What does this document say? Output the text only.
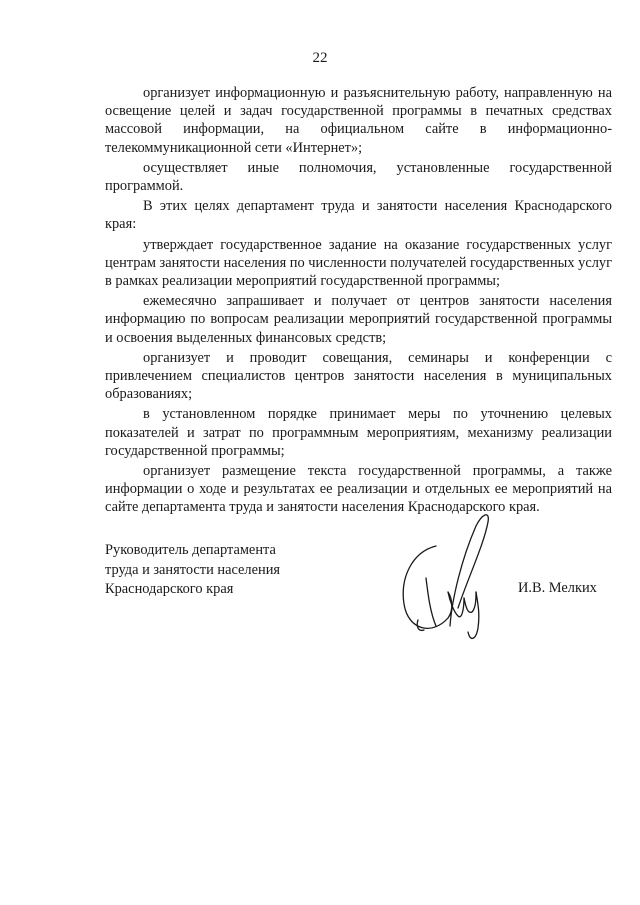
22

организует информационную и разъяснительную работу, направленную на освещение целей и задач государственной программы в печатных средствах массовой информации, на официальном сайте в информационно-телекоммуникационной сети «Интернет»;

осуществляет иные полномочия, установленные государственной программой.

В этих целях департамент труда и занятости населения Краснодарского края:

утверждает государственное задание на оказание государственных услуг центрам занятости населения по численности получателей государственных услуг в рамках реализации мероприятий государственной программы;

ежемесячно запрашивает и получает от центров занятости населения информацию по вопросам реализации мероприятий государственной программы и освоения выделенных финансовых средств;

организует и проводит совещания, семинары и конференции с привлечением специалистов центров занятости населения в муниципальных образованиях;

в установленном порядке принимает меры по уточнению целевых показателей и затрат по программным мероприятиям, механизму реализации государственной программы;

организует размещение текста государственной программы, а также информации о ходе и результатах ее реализации и отдельных ее мероприятий на сайте департамента труда и занятости населения Краснодарского края.

Руководитель департамента
труда и занятости населения
Краснодарского края	И.В. Мелких
